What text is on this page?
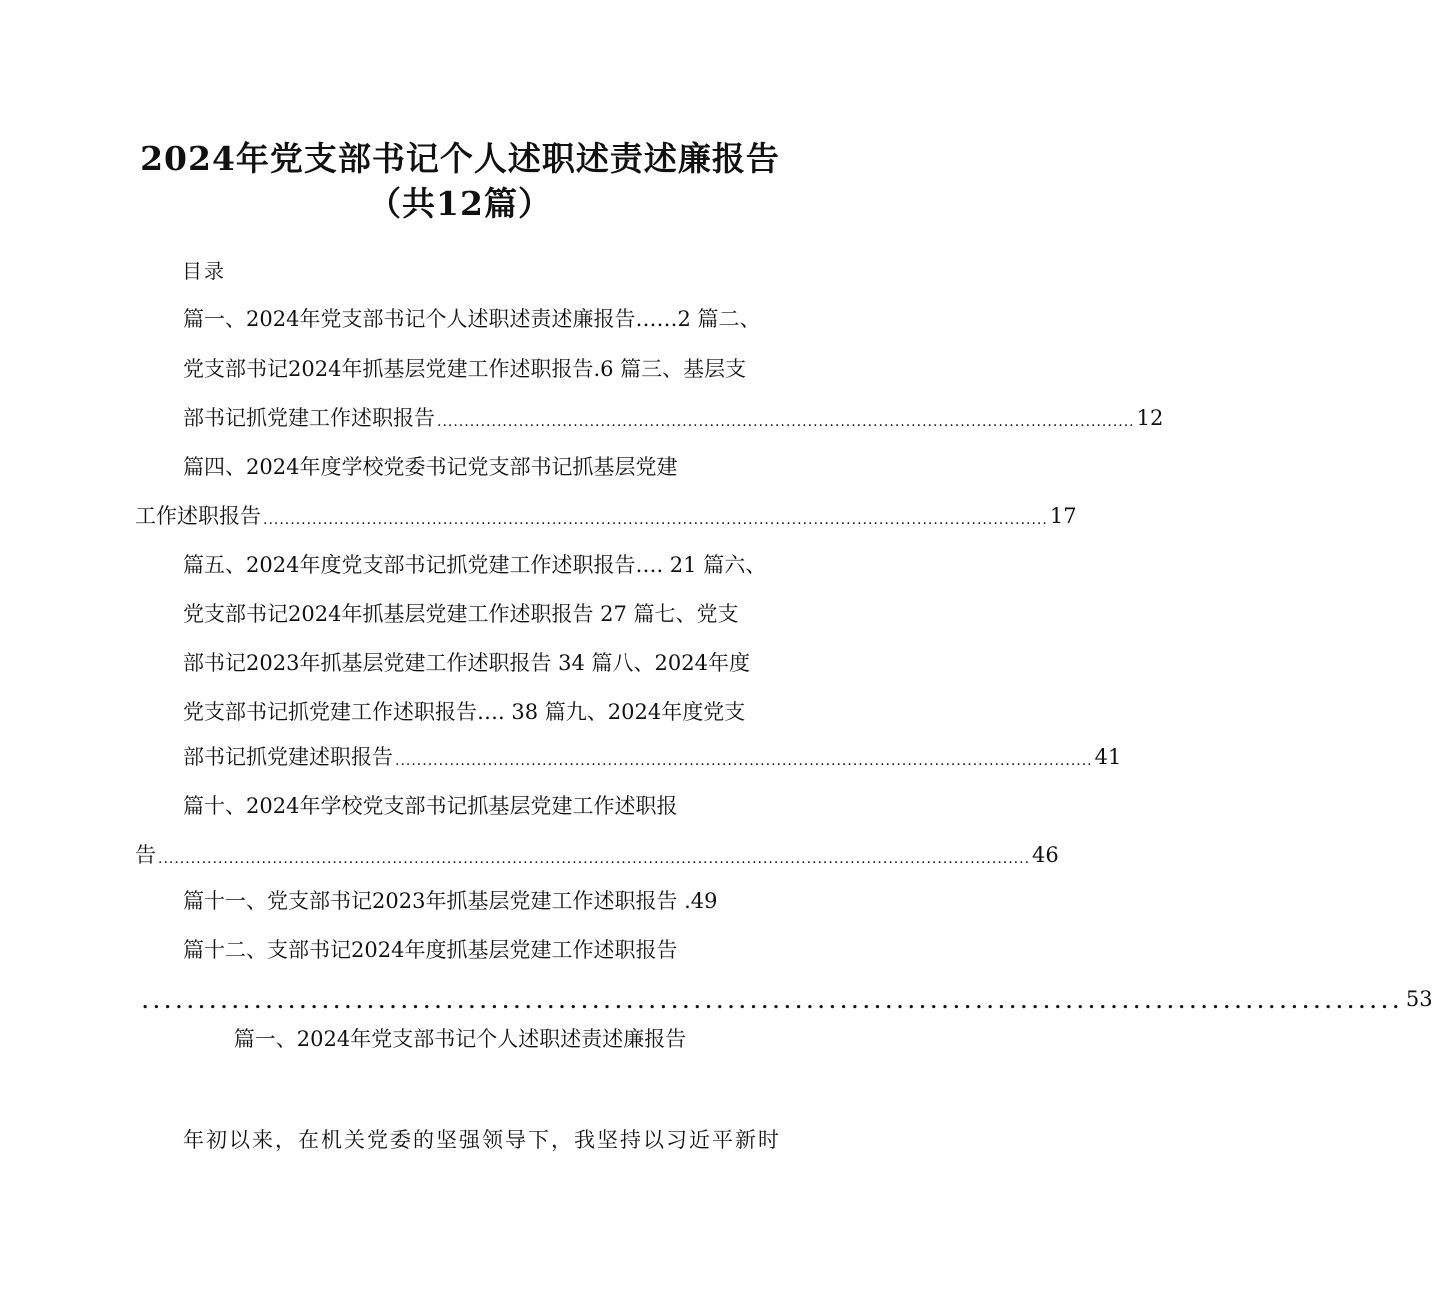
2024年党支部书记个人述职述责述廉报告
（共12篇）
目录
篇一、2024年党支部书记个人述职述责述廉报告……2 篇二、
党支部书记2024年抓基层党建工作述职报告.6 篇三、基层支
部书记抓党建工作述职报告 ................................................................................................................................ 12
篇四、2024年度学校党委书记党支部书记抓基层党建
工作述职报告 ................................................................................................................................................ 17
篇五、2024年度党支部书记抓党建工作述职报告…. 21 篇六、
党支部书记2024年抓基层党建工作述职报告 27 篇七、党支
部书记2023年抓基层党建工作述职报告 34 篇八、2024年度
党支部书记抓党建工作述职报告…. 38 篇九、2024年度党支
部书记抓党建述职报告 ................................................................................................................................ 41
篇十、2024年学校党支部书记抓基层党建工作述职报
告 ................................................................................................................................................................ 46
篇十一、党支部书记2023年抓基层党建工作述职报告 .49
篇十二、支部书记2024年度抓基层党建工作述职报告
................................................................................................................ 53
篇一、2024年党支部书记个人述职述责述廉报告
年初以来，在机关党委的坚强领导下，我坚持以习近平新时
